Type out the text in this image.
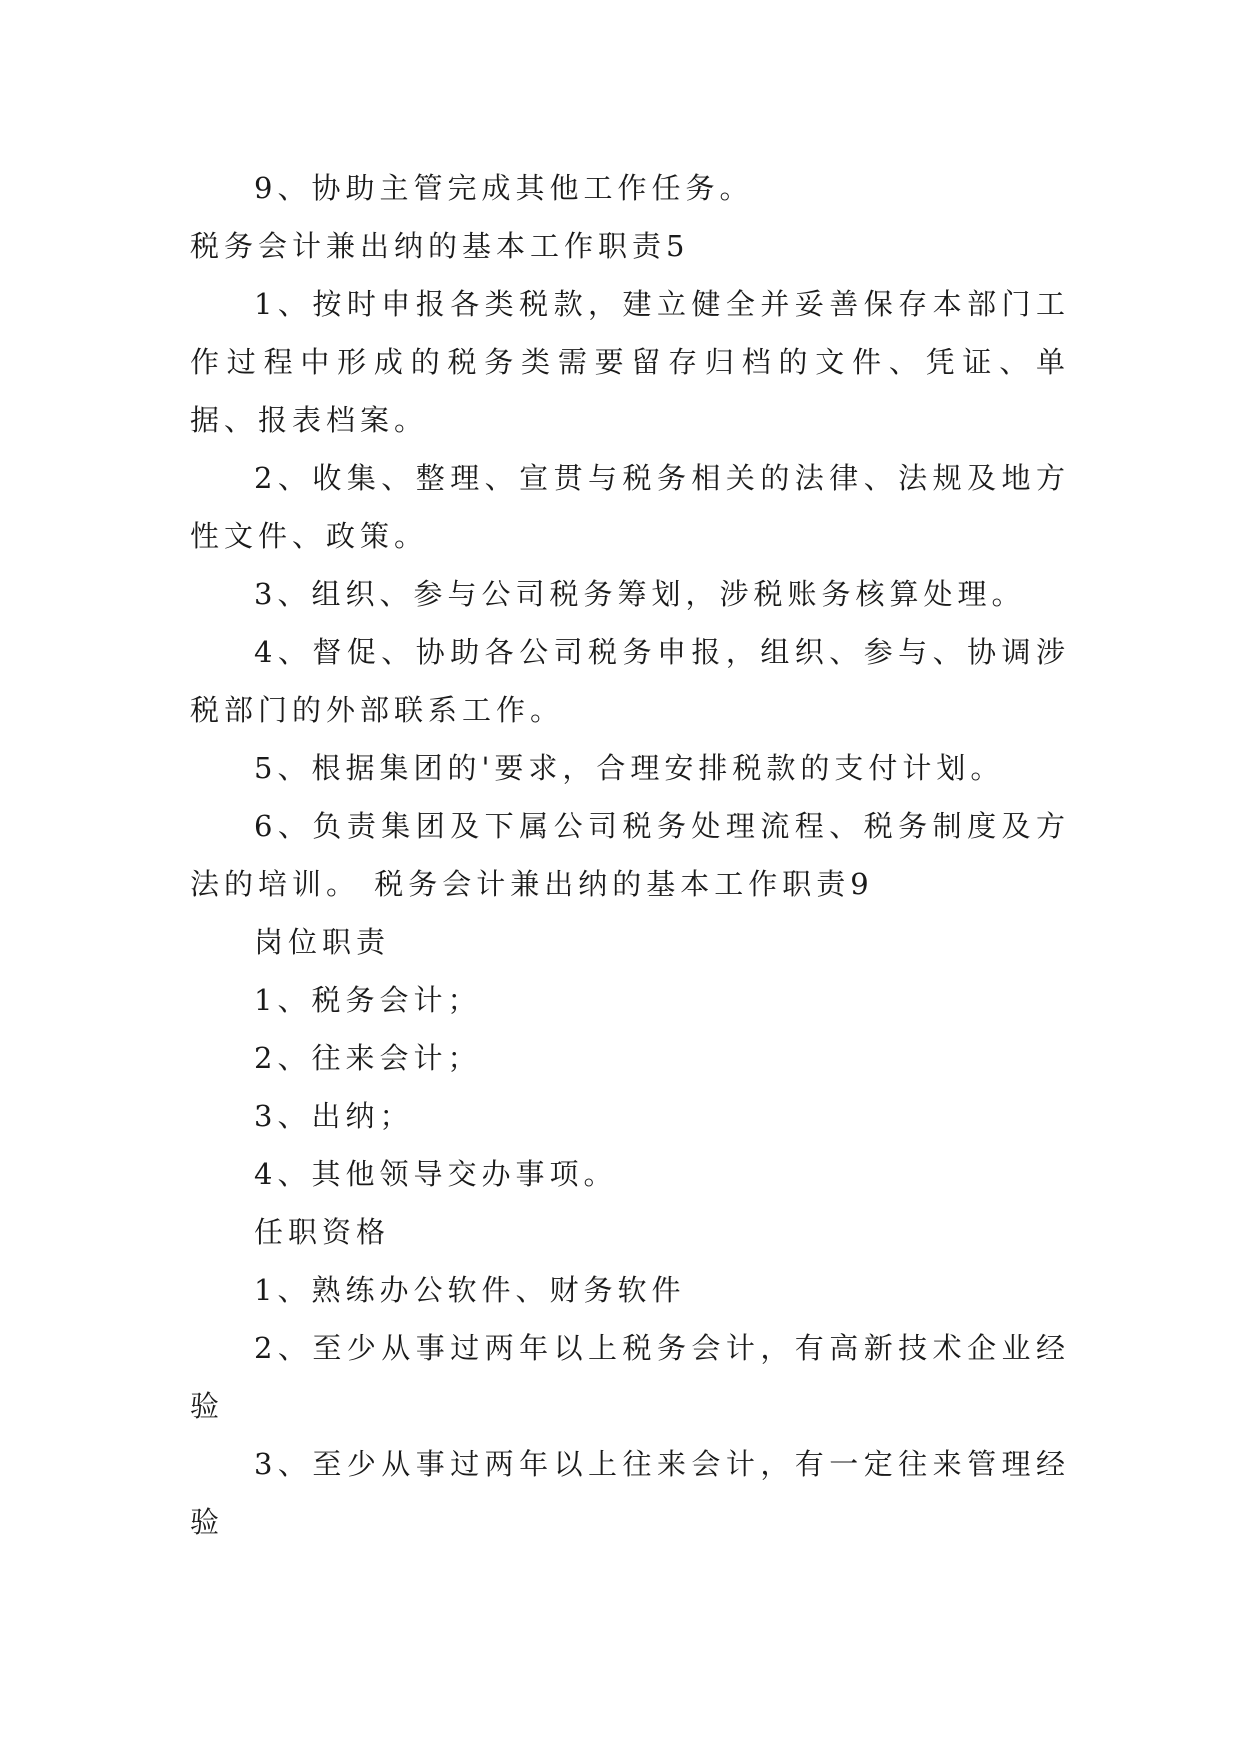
9、协助主管完成其他工作任务。

税务会计兼出纳的基本工作职责5

1、按时申报各类税款，建立健全并妥善保存本部门工作过程中形成的税务类需要留存归档的文件、凭证、单据、报表档案。

2、收集、整理、宣贯与税务相关的法律、法规及地方性文件、政策。

3、组织、参与公司税务筹划，涉税账务核算处理。

4、督促、协助各公司税务申报，组织、参与、协调涉税部门的外部联系工作。

5、根据集团的'要求，合理安排税款的支付计划。

6、负责集团及下属公司税务处理流程、税务制度及方法的培训。 税务会计兼出纳的基本工作职责9

岗位职责

1、税务会计；

2、往来会计；

3、出纳；

4、其他领导交办事项。

任职资格

1、熟练办公软件、财务软件

2、至少从事过两年以上税务会计，有高新技术企业经验

3、至少从事过两年以上往来会计，有一定往来管理经验
